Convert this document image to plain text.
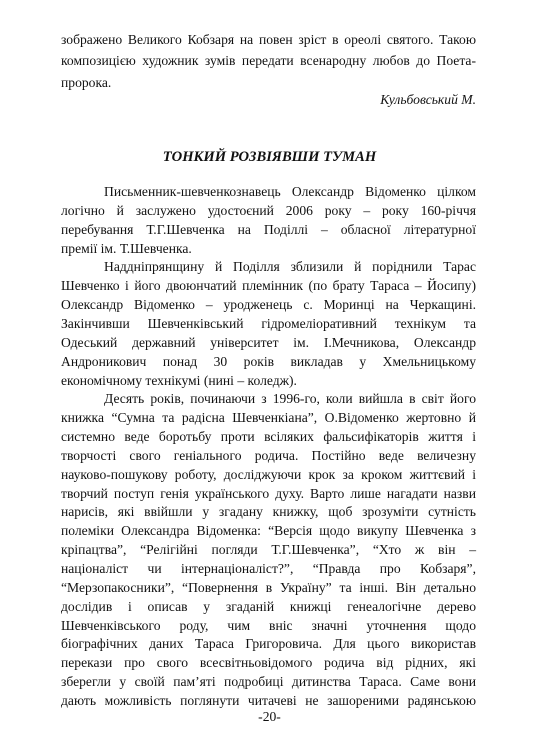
зображено Великого Кобзаря на повен зріст в ореолі святого. Такою
композицією художник зумів передати всенародну любов до Поета-
пророка.
Кульбовський М.
ТОНКИЙ РОЗВІЯВШИ ТУМАН
Письменник-шевченкознавець Олександр Відоменко цілком
логічно й заслужено удостоєний 2006 року – року 160-річчя
перебування Т.Г.Шевченка на Поділлі – обласної літературної
премії ім. Т.Шевченка.
Наддніпрянщину й Поділля зблизили й поріднили Тарас
Шевченко і його двоюнчатий племінник (по брату Тараса – Йосипу)
Олександр Відоменко – уродженець с. Моринці на Черкащині.
Закінчивши Шевченківський гідромеліоративний технікум та
Одеський державний університет ім. І.Мечникова, Олександр
Андроникович понад 30 років викладав у Хмельницькому
економічному технікумі (нині – коледж).
Десять років, починаючи з 1996-го, коли вийшла в світ його
книжка “Сумна та радісна Шевченкіана”, О.Відоменко жертовно й
системно веде боротьбу проти всіляких фальсифікаторів життя і
творчості свого геніального родича. Постійно веде величезну
науково-пошукову роботу, досліджуючи крок за кроком життєвий і
творчий поступ генія українського духу. Варто лише нагадати назви
нарисів, які ввійшли у згадану книжку, щоб зрозуміти сутність
полеміки Олександра Відоменка: “Версія щодо викупу Шевченка з
кріпацтва”, “Релігійні погляди Т.Г.Шевченка”, “Хто ж він –
націоналіст чи інтернаціоналіст?”, “Правда про Кобзаря”,
“Мерзопакосники”, “Повернення в Україну” та інші. Він детально
дослідив і описав у згаданій книжці генеалогічне дерево
Шевченківського роду, чим вніс значні уточнення щодо
біографічних даних Тараса Григоровича. Для цього використав
перекази про свого всесвітньовідомого родича від рідних, які
зберегли у своїй пам’яті подробиці дитинства Тараса. Саме вони
дають можливість поглянути читачеві не зашореними радянською
-20-
